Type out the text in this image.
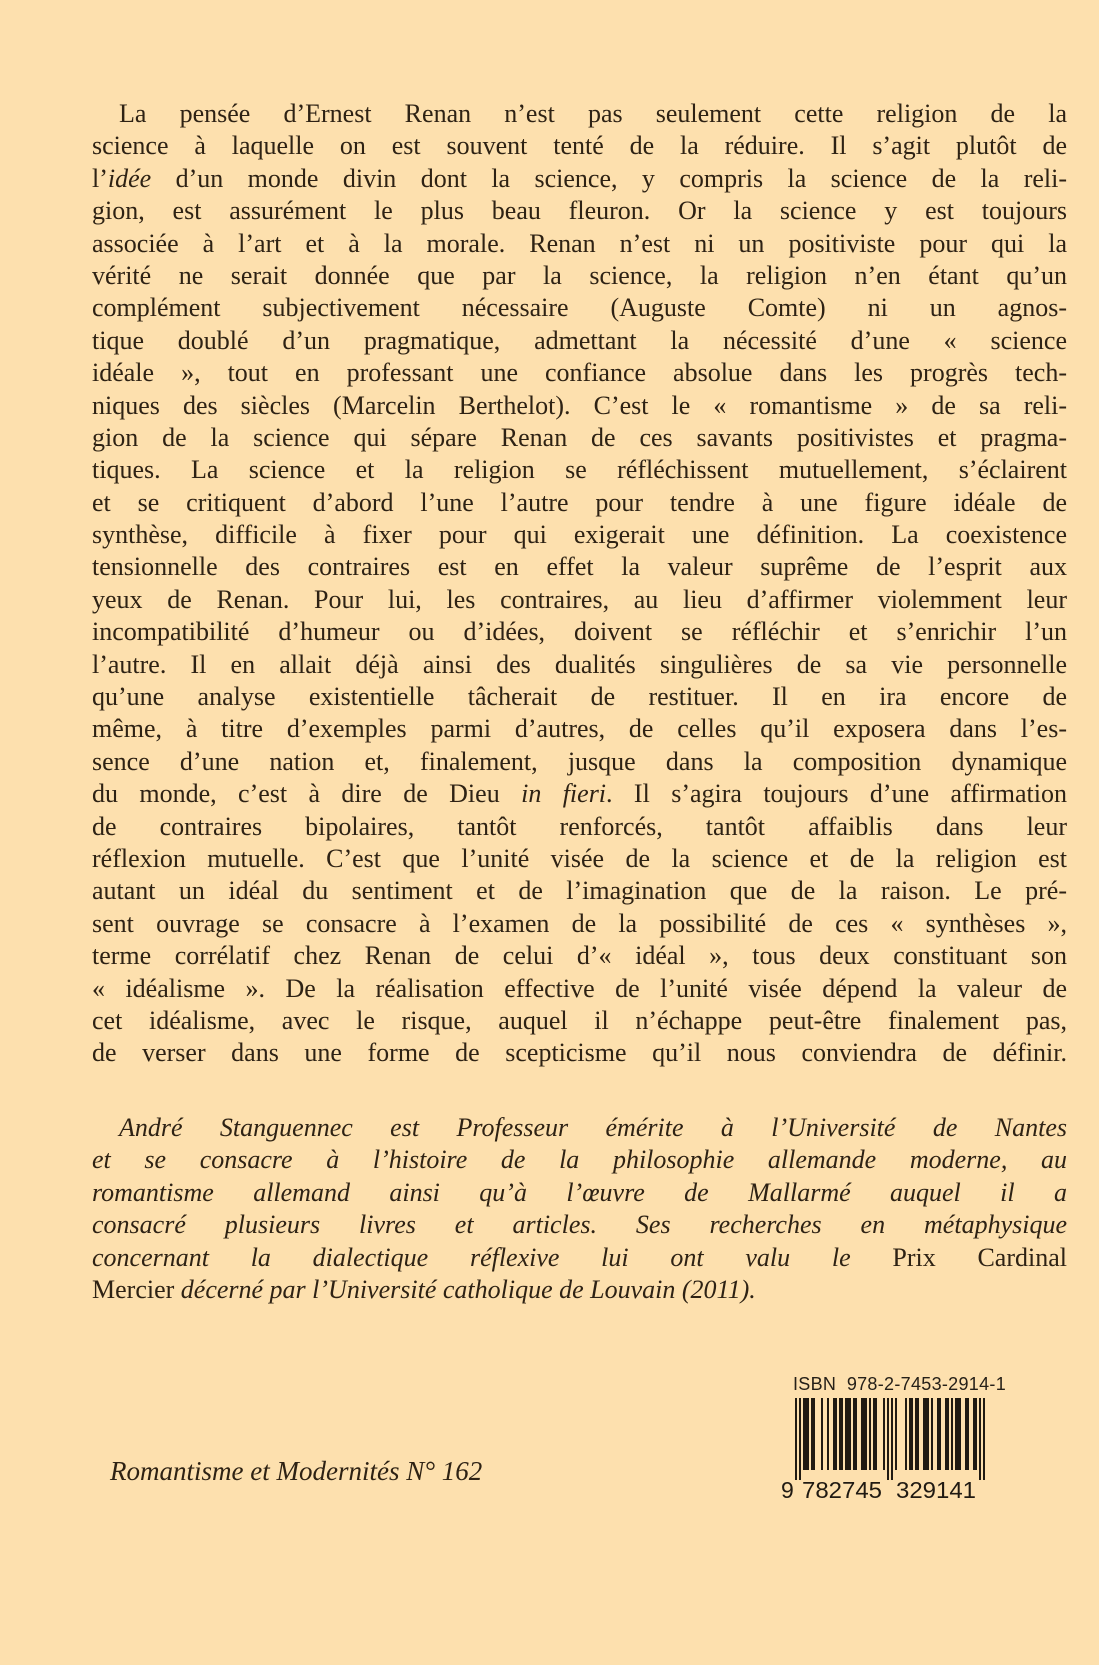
La pensée d’Ernest Renan n’est pas seulement cette religion de la
science à laquelle on est souvent tenté de la réduire. Il s’agit plutôt de
l’idée d’un monde divin dont la science, y compris la science de la reli-
gion, est assurément le plus beau fleuron. Or la science y est toujours
associée à l’art et à la morale. Renan n’est ni un positiviste pour qui la
vérité ne serait donnée que par la science, la religion n’en étant qu’un
complément subjectivement nécessaire (Auguste Comte) ni un agnos-
tique doublé d’un pragmatique, admettant la nécessité d’une « science
idéale », tout en professant une confiance absolue dans les progrès tech-
niques des siècles (Marcelin Berthelot). C’est le « romantisme » de sa reli-
gion de la science qui sépare Renan de ces savants positivistes et pragma-
tiques. La science et la religion se réfléchissent mutuellement, s’éclairent
et se critiquent d’abord l’une l’autre pour tendre à une figure idéale de
synthèse, difficile à fixer pour qui exigerait une définition. La coexistence
tensionnelle des contraires est en effet la valeur suprême de l’esprit aux
yeux de Renan. Pour lui, les contraires, au lieu d’affirmer violemment leur
incompatibilité d’humeur ou d’idées, doivent se réfléchir et s’enrichir l’un
l’autre. Il en allait déjà ainsi des dualités singulières de sa vie personnelle
qu’une analyse existentielle tâcherait de restituer. Il en ira encore de
même, à titre d’exemples parmi d’autres, de celles qu’il exposera dans l’es-
sence d’une nation et, finalement, jusque dans la composition dynamique
du monde, c’est à dire de Dieu in fieri. Il s’agira toujours d’une affirmation
de contraires bipolaires, tantôt renforcés, tantôt affaiblis dans leur
réflexion mutuelle. C’est que l’unité visée de la science et de la religion est
autant un idéal du sentiment et de l’imagination que de la raison. Le pré-
sent ouvrage se consacre à l’examen de la possibilité de ces « synthèses »,
terme corrélatif chez Renan de celui d’« idéal », tous deux constituant son
« idéalisme ». De la réalisation effective de l’unité visée dépend la valeur de
cet idéalisme, avec le risque, auquel il n’échappe peut-être finalement pas,
de verser dans une forme de scepticisme qu’il nous conviendra de définir.
André Stanguennec est Professeur émérite à l’Université de Nantes
et se consacre à l’histoire de la philosophie allemande moderne, au
romantisme allemand ainsi qu’à l’œuvre de Mallarmé auquel il a
consacré plusieurs livres et articles. Ses recherches en métaphysique
concernant la dialectique réflexive lui ont valu le Prix Cardinal
Mercier décerné par l’Université catholique de Louvain (2011).
ISBN  978-2-7453-2914-1
9 782745 329141
Romantisme et Modernités N° 162
